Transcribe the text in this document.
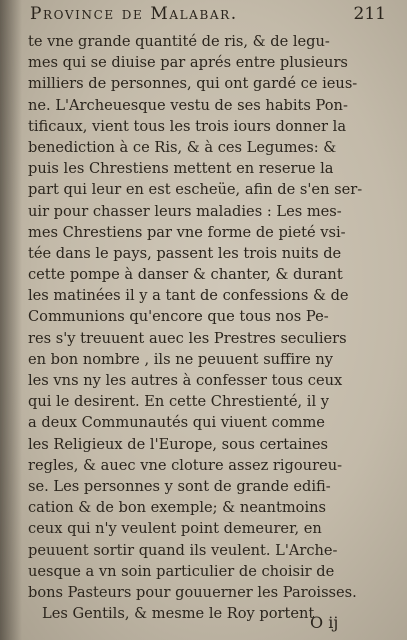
Province de Malabar.	211
te vne grande quantité de ris, & de legu-
mes qui se diuise par aprés entre plusieurs
milliers de personnes, qui ont gardé ce ieus-
ne. L'Archeuesque vestu de ses habits Pon-
tificaux, vient tous les trois iours donner la
benediction à ce Ris, & à ces Legumes: &
puis les Chrestiens mettent en reserue la
part qui leur en est escheüe, afin de s'en ser-
uir pour chasser leurs maladies : Les mes-
mes Chrestiens par vne forme de pieté vsi-
tée dans le pays, passent les trois nuits de
cette pompe à danser & chanter, & durant
les matinées il y a tant de confessions & de
Communions qu'encore que tous nos Pe-
res s'y treuuent auec les Prestres seculiers
en bon nombre , ils ne peuuent suffire ny
les vns ny les autres à confesser tous ceux
qui le desirent. En cette Chrestienté, il y
a deux Communautés qui viuent comme
les Religieux de l'Europe, sous certaines
regles, & auec vne cloture assez rigoureu-
se. Les personnes y sont de grande edifi-
cation & de bon exemple; & neantmoins
ceux qui n'y veulent point demeurer, en
peuuent sortir quand ils veulent. L'Arche-
uesque a vn soin particulier de choisir de
bons Pasteurs pour gouuerner les Paroisses.
Les Gentils, & mesme le Roy portent
O ij
